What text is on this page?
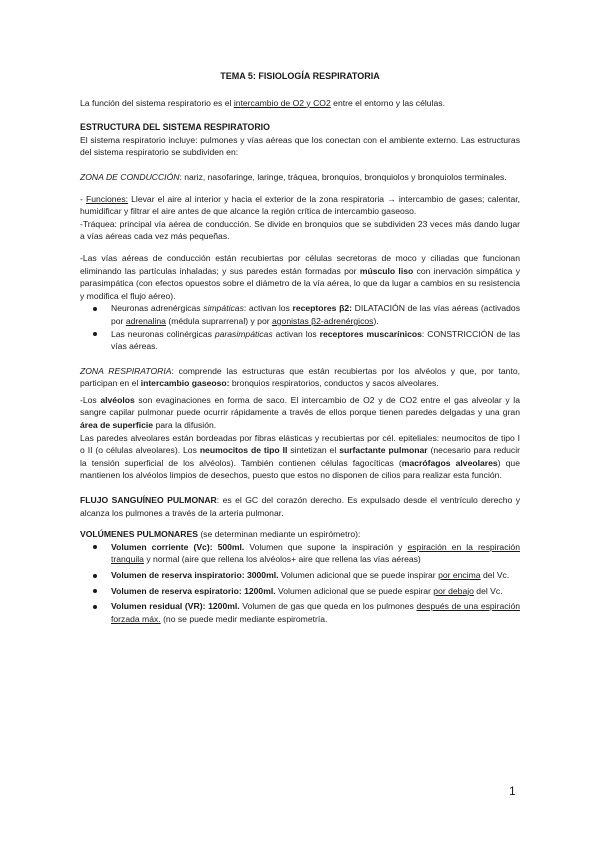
TEMA 5: FISIOLOGÍA RESPIRATORIA

La función del sistema respiratorio es el intercambio de O2 y CO2 entre el entorno y las células.

ESTRUCTURA DEL SISTEMA RESPIRATORIO

El sistema respiratorio incluye: pulmones y vías aéreas que los conectan con el ambiente externo. Las estructuras del sistema respiratorio se subdividen en:

ZONA DE CONDUCCIÓN: nariz, nasofaringe, laringe, tráquea, bronquios, bronquiolos y bronquiolos terminales.

- Funciones: Llevar el aire al interior y hacia el exterior de la zona respiratoria → intercambio de gases; calentar, humidificar y filtrar el aire antes de que alcance la región crítica de intercambio gaseoso.

-Tráquea: principal vía aérea de conducción. Se divide en bronquios que se subdividen 23 veces más dando lugar a vías aéreas cada vez más pequeñas.

-Las vías aéreas de conducción están recubiertas por células secretoras de moco y ciliadas que funcionan eliminando las partículas inhaladas; y sus paredes están formadas por músculo liso con inervación simpática y parasimpática (con efectos opuestos sobre el diámetro de la vía aérea, lo que da lugar a cambios en su resistencia y modifica el flujo aéreo).

Neuronas adrenérgicas simpáticas: activan los receptores β2: DILATACIÓN de las vías aéreas (activados por adrenalina (médula suprarrenal) y por agonistas β2-adrenérgicos).
Las neuronas colinérgicas parasimpáticas activan los receptores muscarínicos: CONSTRICCIÓN de las vías aéreas.

ZONA RESPIRATORIA: comprende las estructuras que están recubiertas por los alvéolos y que, por tanto, participan en el intercambio gaseoso: bronquios respiratorios, conductos y sacos alveolares.

-Los alvéolos son evaginaciones en forma de saco. El intercambio de O2 y de CO2 entre el gas alveolar y la sangre capilar pulmonar puede ocurrir rápidamente a través de ellos porque tienen paredes delgadas y una gran área de superficie para la difusión.

Las paredes alveolares están bordeadas por fibras elásticas y recubiertas por cél. epiteliales: neumocitos de tipo I o II (o células alveolares). Los neumocitos de tipo II sintetizan el surfactante pulmonar (necesario para reducir la tensión superficial de los alvéolos). También contienen células fagocíticas (macrófagos alveolares) que mantienen los alvéolos limpios de desechos, puesto que estos no disponen de cilios para realizar esta función.

FLUJO SANGUÍNEO PULMONAR: es el GC del corazón derecho. Es expulsado desde el ventrículo derecho y alcanza los pulmones a través de la arteria pulmonar.

VOLÚMENES PULMONARES (se determinan mediante un espirómetro):

Volumen corriente (Vc): 500ml. Volumen que supone la inspiración y espiración en la respiración tranquila y normal (aire que rellena los alvéolos+ aire que rellena las vías aéreas)
Volumen de reserva inspiratorio: 3000ml. Volumen adicional que se puede inspirar por encima del Vc.
Volumen de reserva espiratorio: 1200ml. Volumen adicional que se puede espirar por debajo del Vc.
Volumen residual (VR): 1200ml. Volumen de gas que queda en los pulmones después de una espiración forzada máx. (no se puede medir mediante espirometría.
1
